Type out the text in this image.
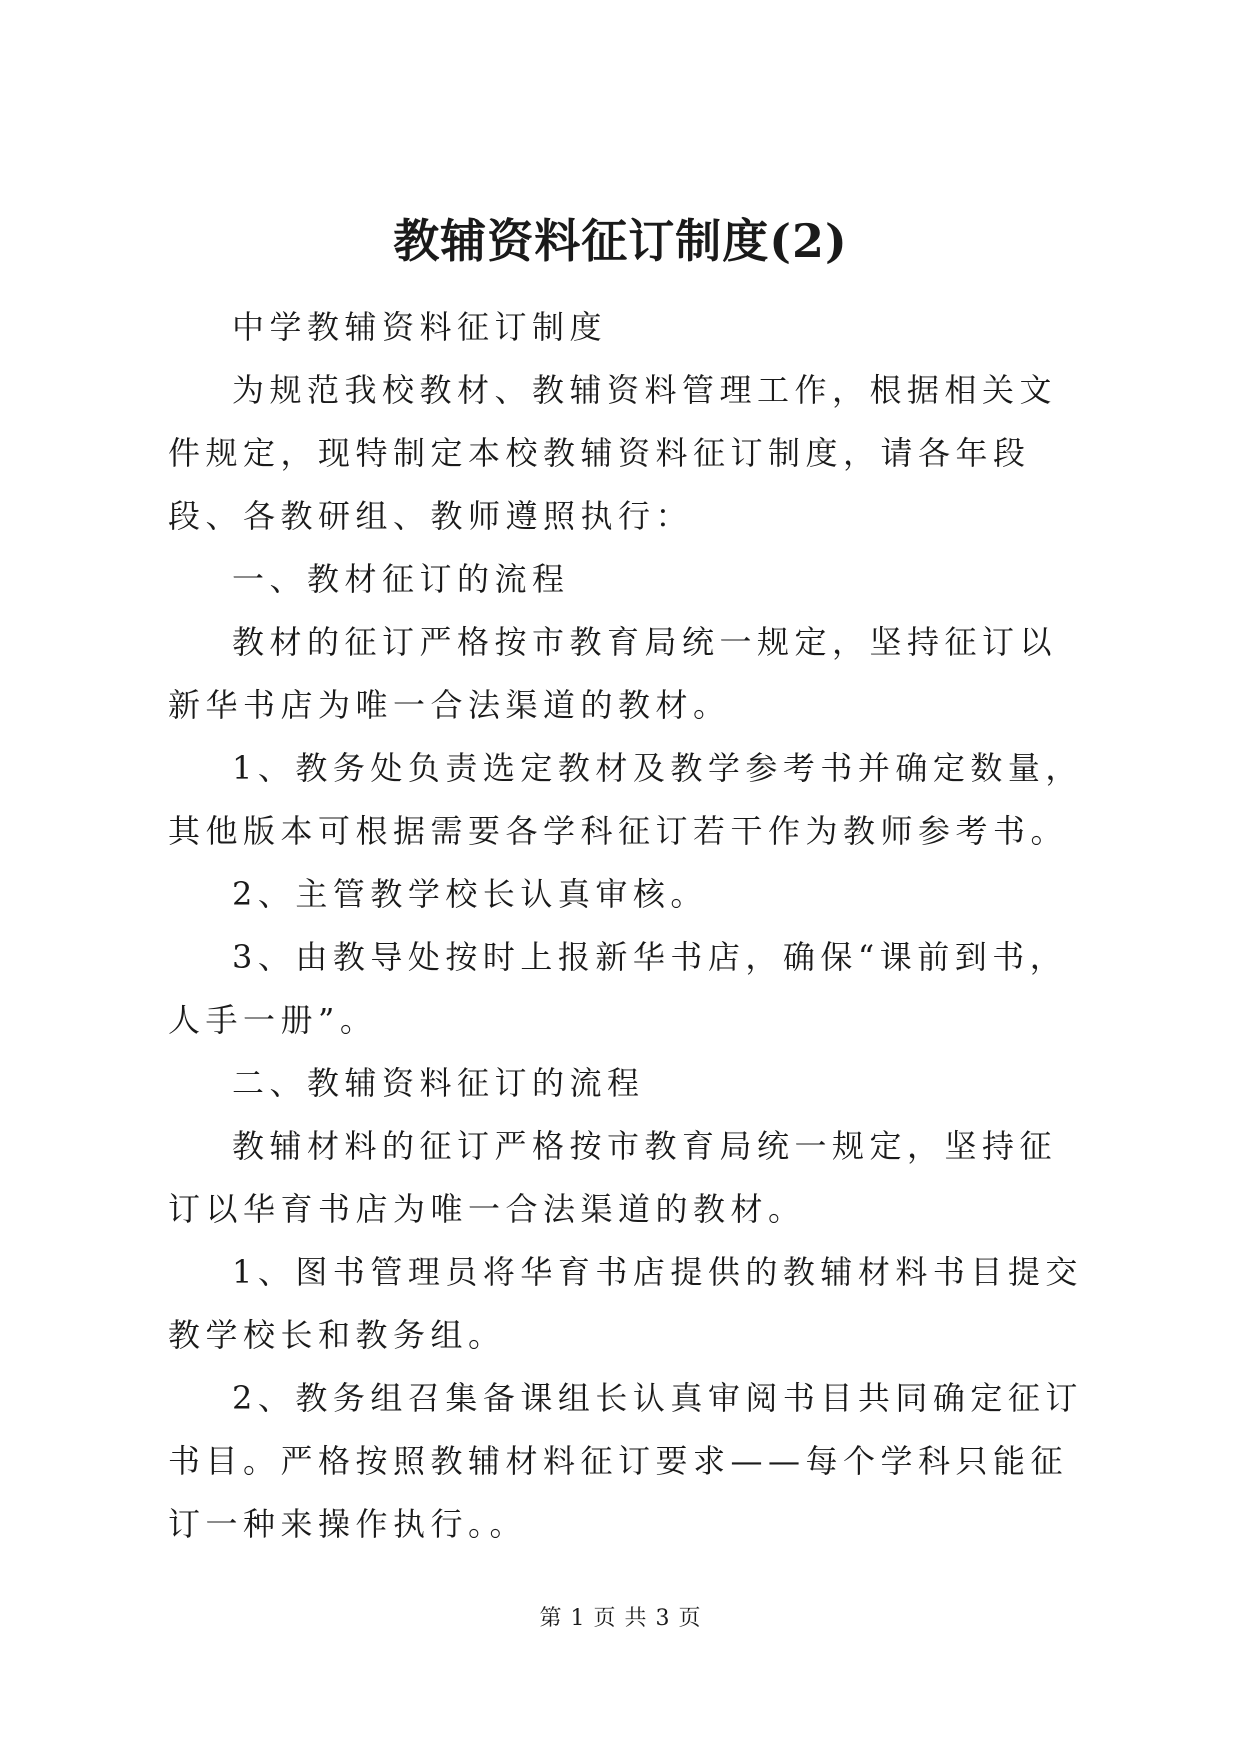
教辅资料征订制度(2)

中学教辅资料征订制度

为规范我校教材、教辅资料管理工作，根据相关文件规定，现特制定本校教辅资料征订制度，请各年段段、各教研组、教师遵照执行：

一、教材征订的流程

教材的征订严格按市教育局统一规定，坚持征订以新华书店为唯一合法渠道的教材。

1、教务处负责选定教材及教学参考书并确定数量，其他版本可根据需要各学科征订若干作为教师参考书。

2、主管教学校长认真审核。

3、由教导处按时上报新华书店，确保“课前到书，人手一册”。

二、教辅资料征订的流程

教辅材料的征订严格按市教育局统一规定，坚持征订以华育书店为唯一合法渠道的教材。

1、图书管理员将华育书店提供的教辅材料书目提交教学校长和教务组。

2、教务组召集备课组长认真审阅书目共同确定征订书目。严格按照教辅材料征订要求——每个学科只能征订一种来操作执行。。

第 1 页 共 3 页
